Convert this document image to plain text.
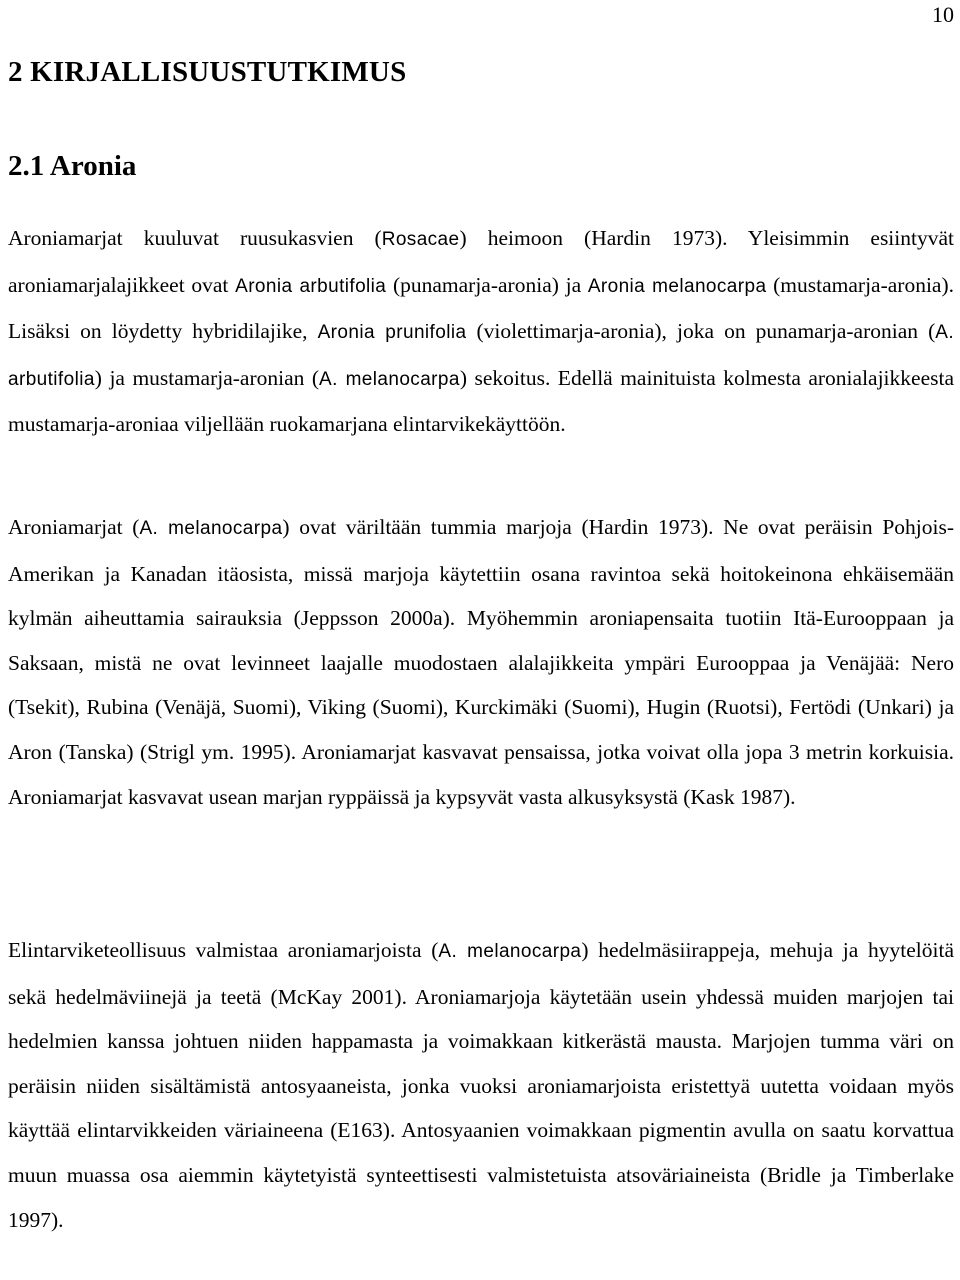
10
2 KIRJALLISUUSTUTKIMUS
2.1 Aronia

Aroniamarjat kuuluvat ruusukasvien (Rosacae) heimoon (Hardin 1973). Yleisimmin esiintyvät aroniamarjalajikkeet ovat Aronia arbutifolia (punamarja-aronia) ja Aronia melanocarpa (mustamarja-aronia). Lisäksi on löydetty hybridilajike, Aronia prunifolia (violettimarja-aronia), joka on punamarja-aronian (A. arbutifolia) ja mustamarja-aronian (A. melanocarpa) sekoitus. Edellä mainituista kolmesta aronialajikkeesta mustamarja-aroniaa viljellään ruokamarjana elintarvikekäyttöön.

Aroniamarjat (A. melanocarpa) ovat väriltään tummia marjoja (Hardin 1973). Ne ovat peräisin Pohjois-Amerikan ja Kanadan itäosista, missä marjoja käytettiin osana ravintoa sekä hoitokeinona ehkäisemään kylmän aiheuttamia sairauksia (Jeppsson 2000a). Myöhemmin aroniapensaita tuotiin Itä-Eurooppaan ja Saksaan, mistä ne ovat levinneet laajalle muodostaen alalajikkeita ympäri Eurooppaa ja Venäjää: Nero (Tsekit), Rubina (Venäjä, Suomi), Viking (Suomi), Kurckimäki (Suomi), Hugin (Ruotsi), Fertödi (Unkari) ja Aron (Tanska) (Strigl ym. 1995). Aroniamarjat kasvavat pensaissa, jotka voivat olla jopa 3 metrin korkuisia. Aroniamarjat kasvavat usean marjan ryppäissä ja kypsyvät vasta alkusyksystä (Kask 1987).

Elintarviketeollisuus valmistaa aroniamarjoista (A. melanocarpa) hedelmäsiirappeja, mehuja ja hyytelöitä sekä hedelmäviinejä ja teetä (McKay 2001). Aroniamarjoja käytetään usein yhdessä muiden marjojen tai hedelmien kanssa johtuen niiden happamasta ja voimakkaan kitkerästä mausta. Marjojen tumma väri on peräisin niiden sisältämistä antosyaaneista, jonka vuoksi aroniamarjoista eristettyä uutetta voidaan myös käyttää elintarvikkeiden väriaineena (E163). Antosyaanien voimakkaan pigmentin avulla on saatu korvattua muun muassa osa aiemmin käytetyistä synteettisesti valmistetuista atsoväriaineista (Bridle ja Timberlake 1997).
